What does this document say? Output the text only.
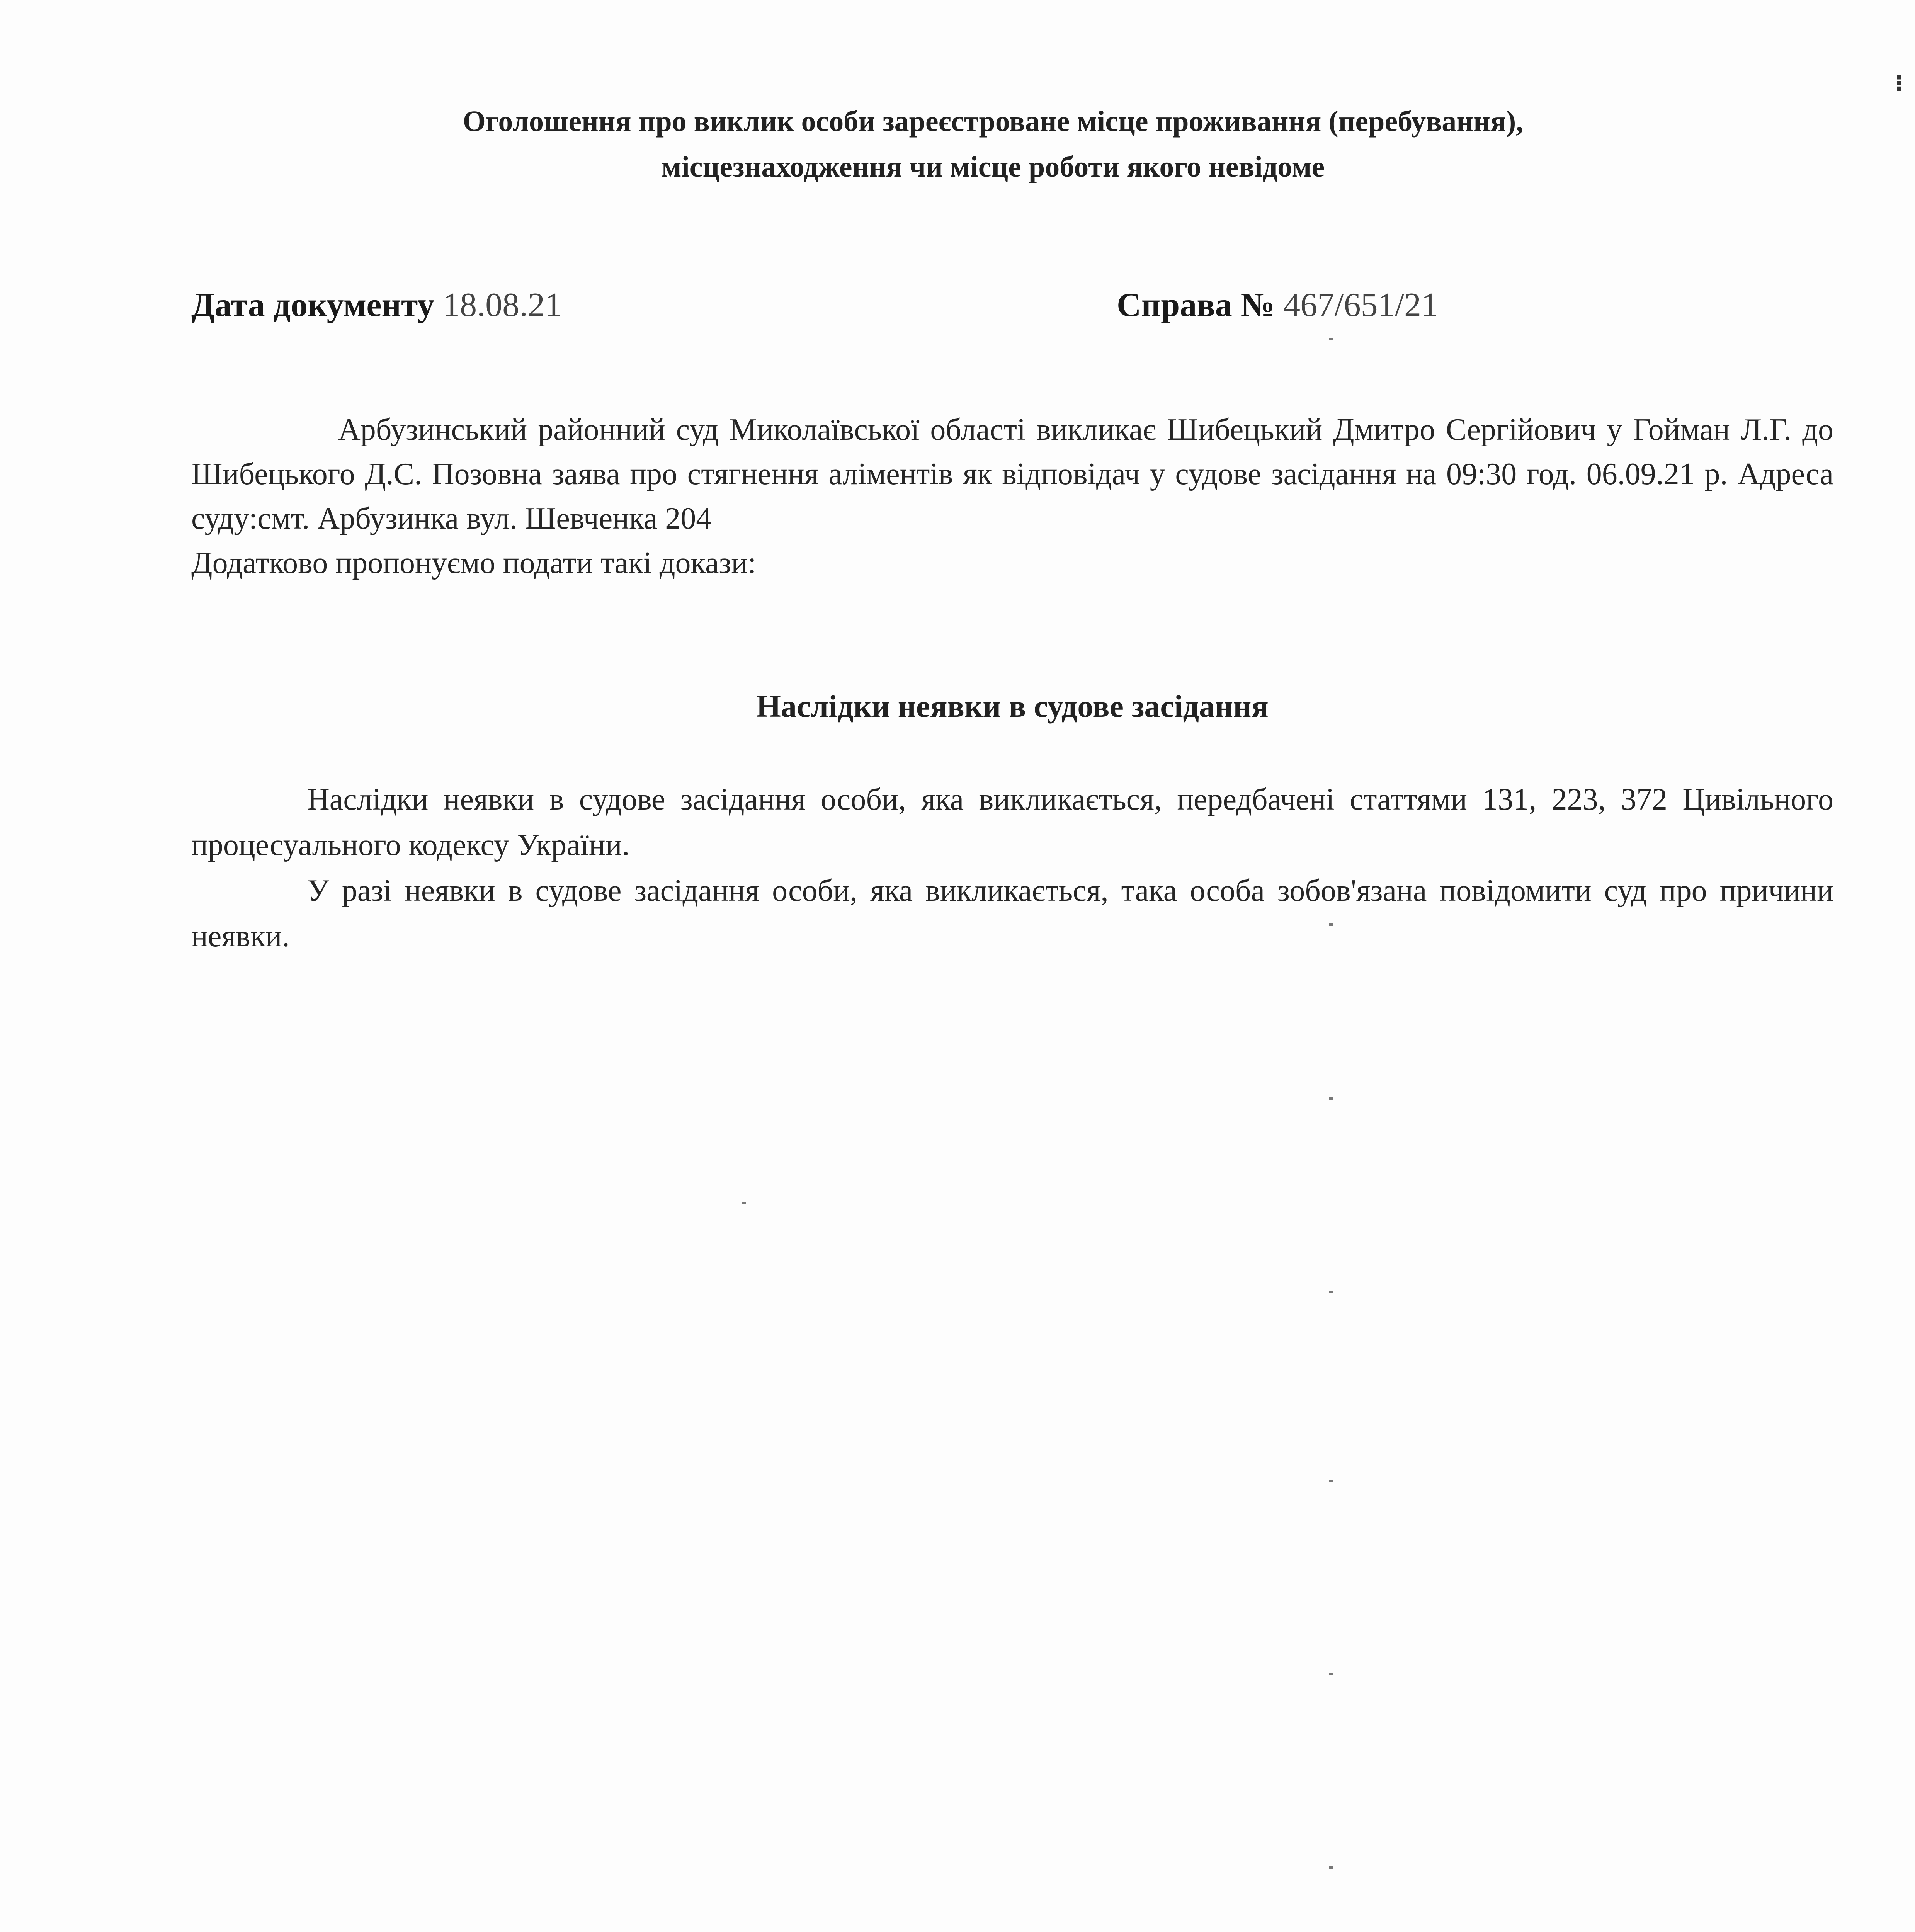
Оголошення про виклик особи зареєстроване місце проживання (перебування),
місцезнаходження чи місце роботи якого невідоме
Дата документу 18.08.21	Справа № 467/651/21

Арбузинський районний суд Миколаївської області викликає Шибецький Дмитро Сергійович у Гойман Л.Г. до Шибецького Д.С. Позовна заява про стягнення аліментів як відповідач у судове засідання на 09:30 год. 06.09.21 р. Адреса суду:смт. Арбузинка вул. Шевченка 204

Додатково пропонуємо подати такі докази:

Наслідки неявки в судове засідання

Наслідки неявки в судове засідання особи, яка викликається, передбачені статтями 131, 223, 372 Цивільного процесуального кодексу України.

У разі неявки в судове засідання особи, яка викликається, така особа зобов'язана повідомити суд про причини неявки.

⁝
